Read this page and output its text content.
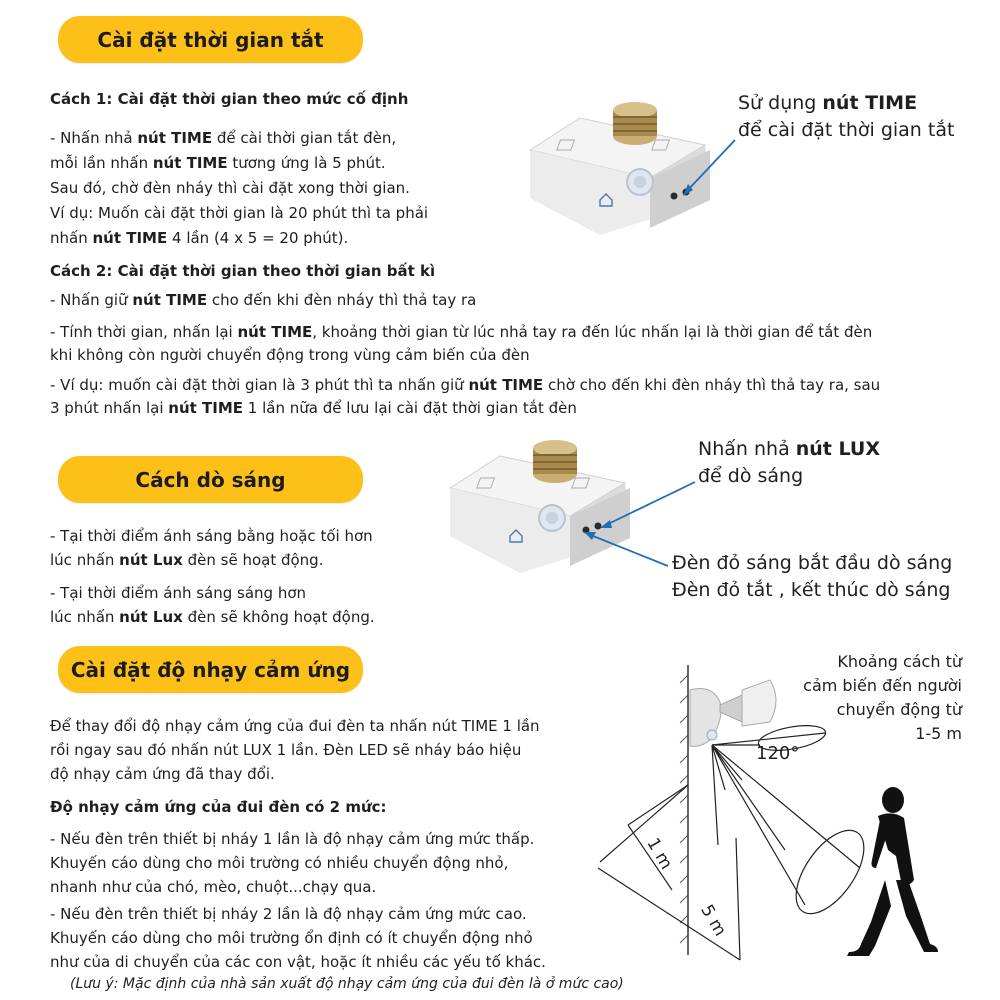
Cài đặt thời gian tắt
Cách 1: Cài đặt thời gian theo mức cố định
- Nhấn nhả nút TIME để cài thời gian tắt đèn,
mỗi lần nhấn nút TIME tương ứng là 5 phút.
Sau đó, chờ đèn nháy thì cài đặt xong thời gian.
Ví dụ: Muốn cài đặt thời gian là 20 phút thì ta phải
nhấn nút TIME 4 lần (4 x 5 = 20 phút).
Sử dụng nút TIME
để cài đặt thời gian tắt
Cách 2: Cài đặt thời gian theo thời gian bất kì
- Nhấn giữ nút TIME cho đến khi đèn nháy thì thả tay ra
- Tính thời gian, nhấn lại nút TIME, khoảng thời gian từ lúc nhả tay ra đến lúc nhấn lại là thời gian để tắt đèn
khi không còn người chuyển động trong vùng cảm biến của đèn
- Ví dụ: muốn cài đặt thời gian là 3 phút thì ta nhấn giữ nút TIME chờ cho đến khi đèn nháy thì thả tay ra, sau
3 phút nhấn lại nút TIME 1 lần nữa để lưu lại cài đặt thời gian tắt đèn
Cách dò sáng
- Tại thời điểm ánh sáng bằng hoặc tối hơn
lúc nhấn nút Lux đèn sẽ hoạt động.
- Tại thời điểm ánh sáng sáng hơn
lúc nhấn nút Lux đèn sẽ không hoạt động.
Nhấn nhả nút LUX
để dò sáng
Đèn đỏ sáng bắt đầu dò sáng
Đèn đỏ tắt , kết thúc dò sáng
Cài đặt độ nhạy cảm ứng
Để thay đổi độ nhạy cảm ứng của đui đèn ta nhấn nút TIME 1 lần
rồi ngay sau đó nhấn nút LUX 1 lần. Đèn LED sẽ nháy báo hiệu
độ nhạy cảm ứng đã thay đổi.
Độ nhạy cảm ứng của đui đèn có 2 mức:
- Nếu đèn trên thiết bị nháy 1 lần là độ nhạy cảm ứng mức thấp.
Khuyến cáo dùng cho môi trường có nhiều chuyển động nhỏ,
nhanh như của chó, mèo, chuột...chạy qua.
- Nếu đèn trên thiết bị nháy 2 lần là độ nhạy cảm ứng mức cao.
Khuyến cáo dùng cho môi trường ổn định có ít chuyển động nhỏ
như của di chuyển của các con vật, hoặc ít nhiều các yếu tố khác.
(Lưu ý: Mặc định của nhà sản xuất độ nhạy cảm ứng của đui đèn là ở mức cao)
Khoảng cách từ
cảm biến đến người
chuyển động từ
1-5 m
120°
1 m
5 m
